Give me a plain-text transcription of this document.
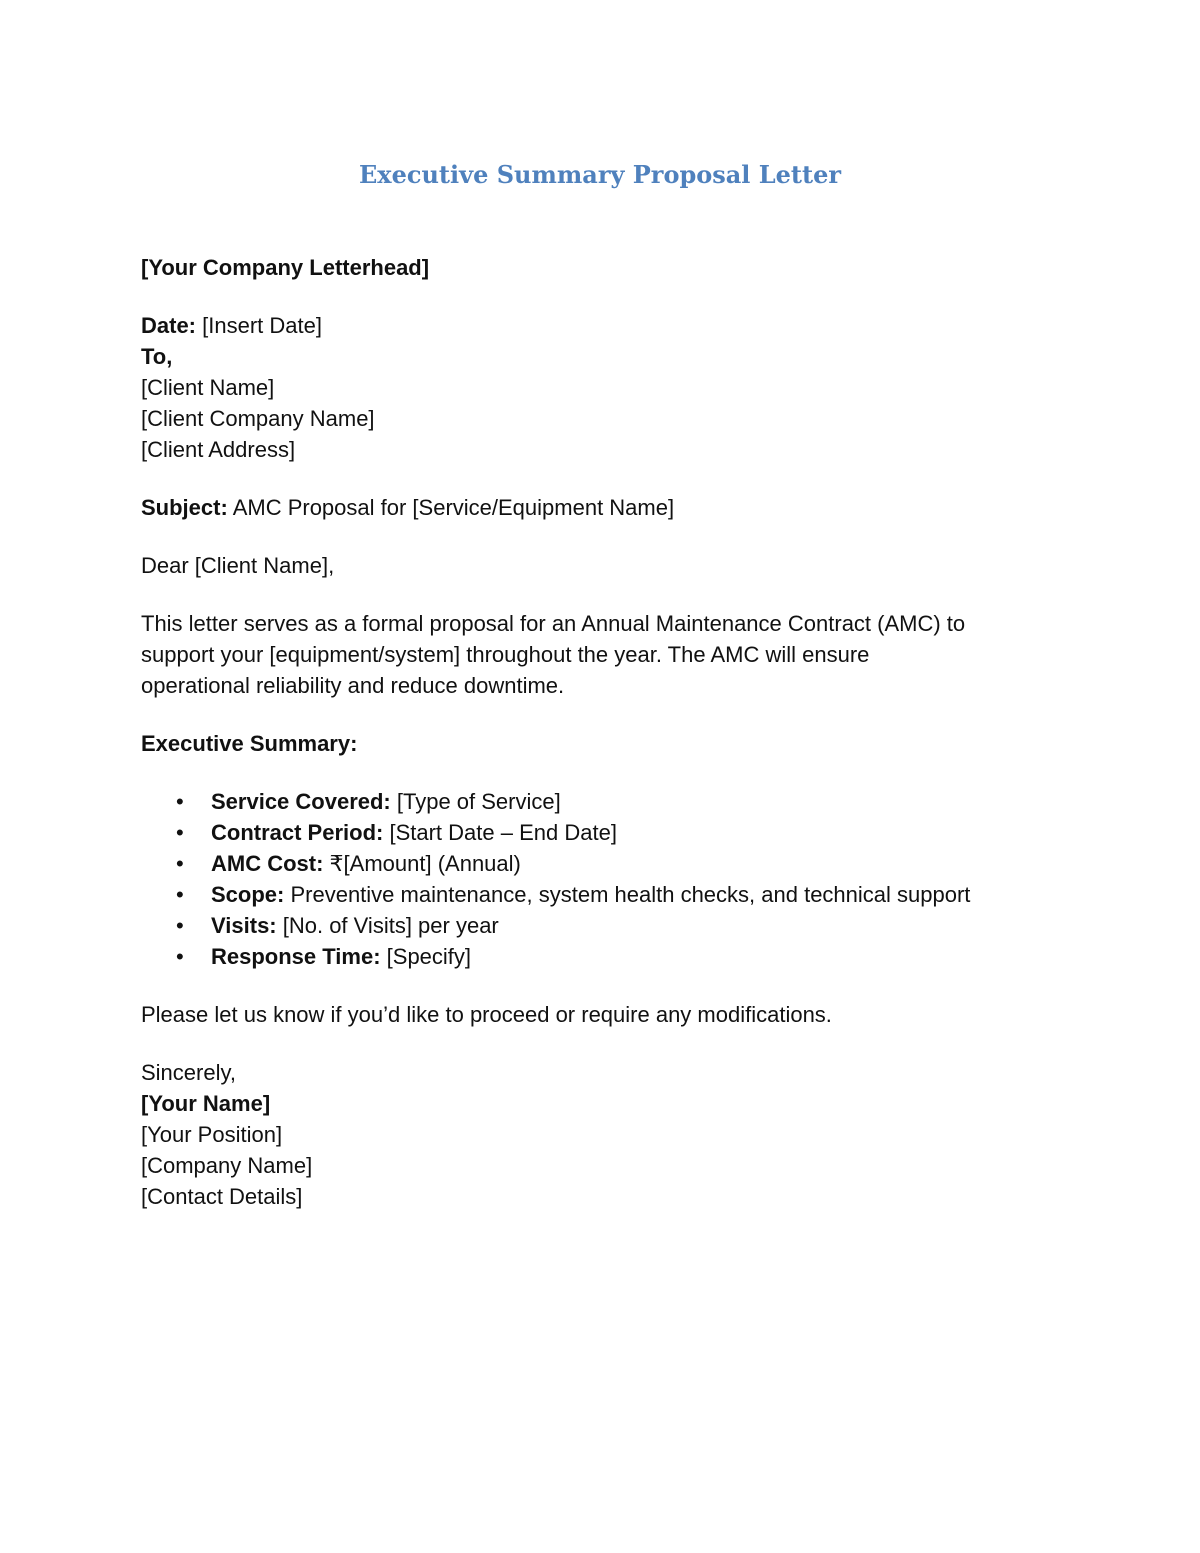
Executive Summary Proposal Letter
[Your Company Letterhead]
Date: [Insert Date]
To,
[Client Name]
[Client Company Name]
[Client Address]
Subject: AMC Proposal for [Service/Equipment Name]
Dear [Client Name],
This letter serves as a formal proposal for an Annual Maintenance Contract (AMC) to
support your [equipment/system] throughout the year. The AMC will ensure
operational reliability and reduce downtime.
Executive Summary:
• Service Covered: [Type of Service]
• Contract Period: [Start Date – End Date]
• AMC Cost: ₹[Amount] (Annual)
• Scope: Preventive maintenance, system health checks, and technical support
• Visits: [No. of Visits] per year
• Response Time: [Specify]
Please let us know if you’d like to proceed or require any modifications.
Sincerely,
[Your Name]
[Your Position]
[Company Name]
[Contact Details]
